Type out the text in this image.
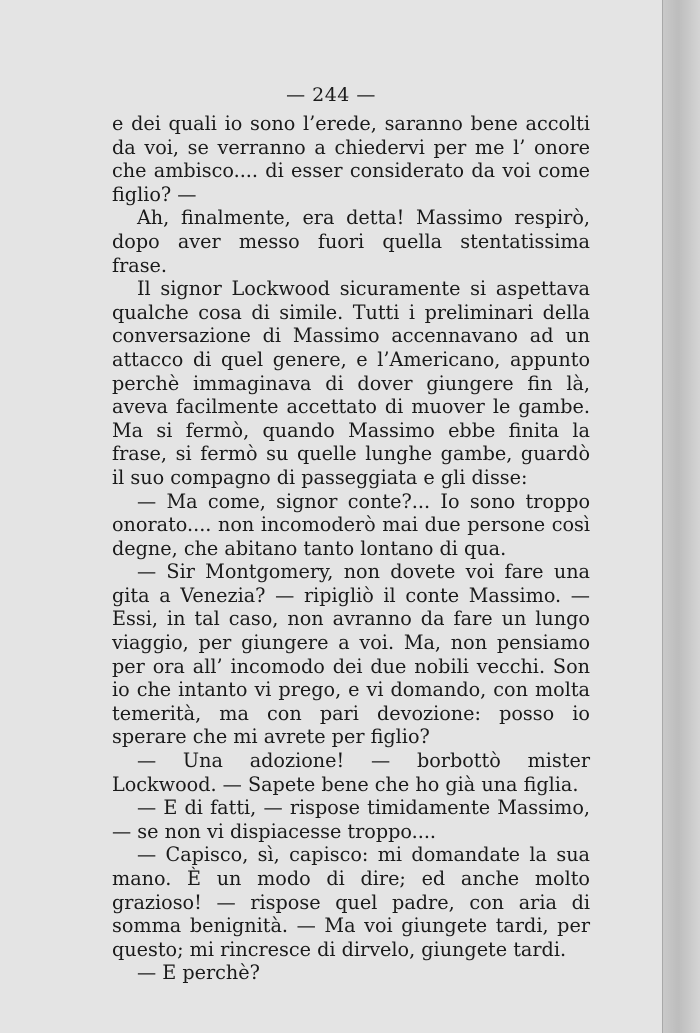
— 244 —

e dei quali io sono l’erede, saranno bene accolti da voi, se verranno a chiedervi per me l’ onore che ambisco.... di esser considerato da voi come figlio? —

Ah, finalmente, era detta! Massimo respirò, dopo aver messo fuori quella stentatissima frase.

Il signor Lockwood sicuramente si aspettava qualche cosa di simile. Tutti i preliminari della conversazione di Massimo accennavano ad un attacco di quel genere, e l’Americano, appunto perchè immaginava di dover giungere fin là, aveva facilmente accettato di muover le gambe. Ma si fermò, quando Massimo ebbe finita la frase, si fermò su quelle lunghe gambe, guardò il suo compagno di passeggiata e gli disse:

— Ma come, signor conte?... Io sono troppo onorato.... non incomoderò mai due persone così degne, che abitano tanto lontano di qua.

— Sir Montgomery, non dovete voi fare una gita a Venezia? — ripigliò il conte Massimo. — Essi, in tal caso, non avranno da fare un lungo viaggio, per giungere a voi. Ma, non pensiamo per ora all’ incomodo dei due nobili vecchi. Son io che intanto vi prego, e vi domando, con molta temerità, ma con pari devozione: posso io sperare che mi avrete per figlio?

— Una adozione! — borbottò mister Lockwood. — Sapete bene che ho già una figlia.

— E di fatti, — rispose timidamente Massimo, — se non vi dispiacesse troppo....

— Capisco, sì, capisco: mi domandate la sua mano. È un modo di dire; ed anche molto grazioso! — rispose quel padre, con aria di somma benignità. — Ma voi giungete tardi, per questo; mi rincresce di dirvelo, giungete tardi.

— E perchè?
